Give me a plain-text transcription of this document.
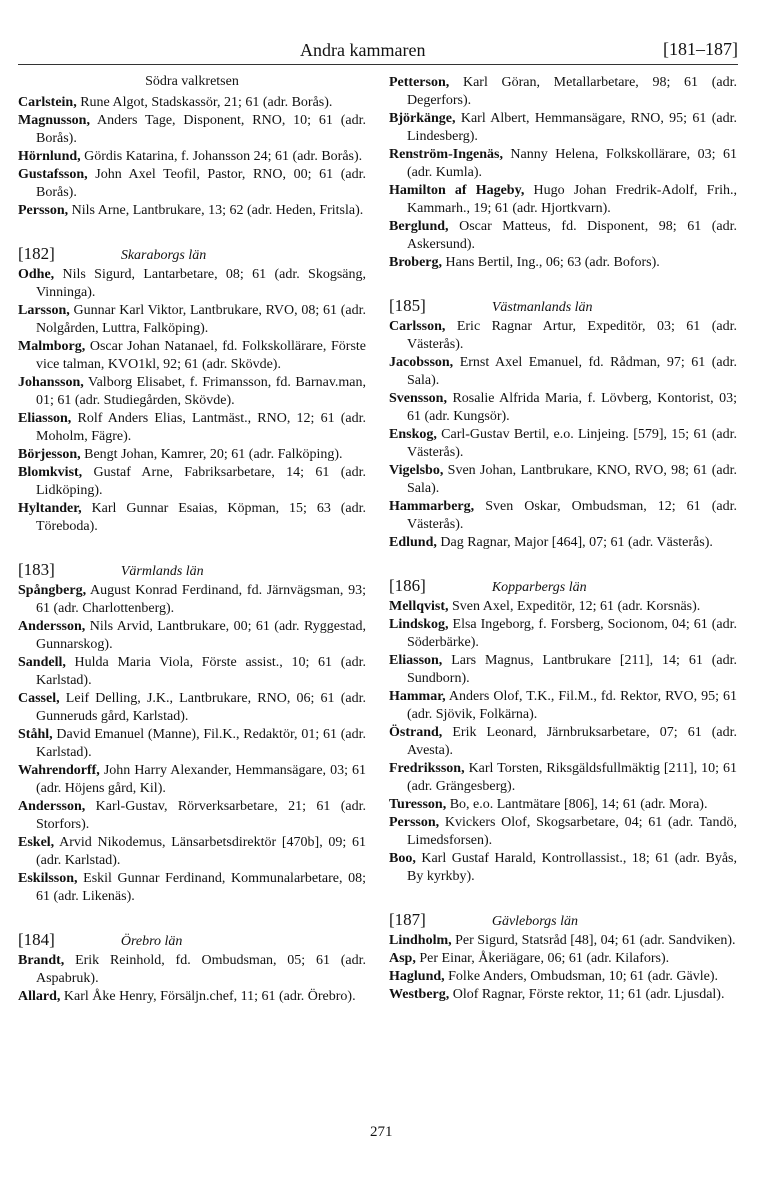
Andra kammaren	[181–187]
Södra valkretsen
Carlstein, Rune Algot, Stadskassör, 21; 61 (adr. Borås).
Magnusson, Anders Tage, Disponent, RNO, 10; 61 (adr. Borås).
Hörnlund, Gördis Katarina, f. Johansson 24; 61 (adr. Borås).
Gustafsson, John Axel Teofil, Pastor, RNO, 00; 61 (adr. Borås).
Persson, Nils Arne, Lantbrukare, 13; 62 (adr. Heden, Fritsla).
[182]	Skaraborgs län
Odhe, Nils Sigurd, Lantarbetare, 08; 61 (adr. Skogsäng, Vinninga).
Larsson, Gunnar Karl Viktor, Lantbrukare, RVO, 08; 61 (adr. Nolgården, Luttra, Falköping).
Malmborg, Oscar Johan Natanael, fd. Folkskollärare, Förste vice talman, KVO1kl, 92; 61 (adr. Skövde).
Johansson, Valborg Elisabet, f. Frimansson, fd. Barnav.man, 01; 61 (adr. Studiegården, Skövde).
Eliasson, Rolf Anders Elias, Lantmäst., RNO, 12; 61 (adr. Moholm, Fägre).
Börjesson, Bengt Johan, Kamrer, 20; 61 (adr. Falköping).
Blomkvist, Gustaf Arne, Fabriksarbetare, 14; 61 (adr. Lidköping).
Hyltander, Karl Gunnar Esaias, Köpman, 15; 63 (adr. Töreboda).
[183]	Värmlands län
Spångberg, August Konrad Ferdinand, fd. Järnvägsman, 93; 61 (adr. Charlottenberg).
Andersson, Nils Arvid, Lantbrukare, 00; 61 (adr. Ryggestad, Gunnarskog).
Sandell, Hulda Maria Viola, Förste assist., 10; 61 (adr. Karlstad).
Cassel, Leif Delling, J.K., Lantbrukare, RNO, 06; 61 (adr. Gunneruds gård, Karlstad).
Ståhl, David Emanuel (Manne), Fil.K., Redaktör, 01; 61 (adr. Karlstad).
Wahrendorff, John Harry Alexander, Hemmansägare, 03; 61 (adr. Höjens gård, Kil).
Andersson, Karl-Gustav, Rörverksarbetare, 21; 61 (adr. Storfors).
Eskel, Arvid Nikodemus, Länsarbetsdirektör [470b], 09; 61 (adr. Karlstad).
Eskilsson, Eskil Gunnar Ferdinand, Kommunalarbetare, 08; 61 (adr. Likenäs).
[184]	Örebro län
Brandt, Erik Reinhold, fd. Ombudsman, 05; 61 (adr. Aspabruk).
Allard, Karl Åke Henry, Försäljn.chef, 11; 61 (adr. Örebro).
Petterson, Karl Göran, Metallarbetare, 98; 61 (adr. Degerfors).
Björkänge, Karl Albert, Hemmansägare, RNO, 95; 61 (adr. Lindesberg).
Renström-Ingenäs, Nanny Helena, Folkskollärare, 03; 61 (adr. Kumla).
Hamilton af Hageby, Hugo Johan Fredrik-Adolf, Frih., Kammarh., 19; 61 (adr. Hjortkvarn).
Berglund, Oscar Matteus, fd. Disponent, 98; 61 (adr. Askersund).
Broberg, Hans Bertil, Ing., 06; 63 (adr. Bofors).
[185]	Västmanlands län
Carlsson, Eric Ragnar Artur, Expeditör, 03; 61 (adr. Västerås).
Jacobsson, Ernst Axel Emanuel, fd. Rådman, 97; 61 (adr. Sala).
Svensson, Rosalie Alfrida Maria, f. Lövberg, Kontorist, 03; 61 (adr. Kungsör).
Enskog, Carl-Gustav Bertil, e.o. Linjeing. [579], 15; 61 (adr. Västerås).
Vigelsbo, Sven Johan, Lantbrukare, KNO, RVO, 98; 61 (adr. Sala).
Hammarberg, Sven Oskar, Ombudsman, 12; 61 (adr. Västerås).
Edlund, Dag Ragnar, Major [464], 07; 61 (adr. Västerås).
[186]	Kopparbergs län
Mellqvist, Sven Axel, Expeditör, 12; 61 (adr. Korsnäs).
Lindskog, Elsa Ingeborg, f. Forsberg, Socionom, 04; 61 (adr. Söderbärke).
Eliasson, Lars Magnus, Lantbrukare [211], 14; 61 (adr. Sundborn).
Hammar, Anders Olof, T.K., Fil.M., fd. Rektor, RVO, 95; 61 (adr. Sjövik, Folkärna).
Östrand, Erik Leonard, Järnbruksarbetare, 07; 61 (adr. Avesta).
Fredriksson, Karl Torsten, Riksgäldsfullmäktig [211], 10; 61 (adr. Grängesberg).
Turesson, Bo, e.o. Lantmätare [806], 14; 61 (adr. Mora).
Persson, Kvickers Olof, Skogsarbetare, 04; 61 (adr. Tandö, Limedsforsen).
Boo, Karl Gustaf Harald, Kontrollassist., 18; 61 (adr. Byås, By kyrkby).
[187]	Gävleborgs län
Lindholm, Per Sigurd, Statsråd [48], 04; 61 (adr. Sandviken).
Asp, Per Einar, Åkeriägare, 06; 61 (adr. Kilafors).
Haglund, Folke Anders, Ombudsman, 10; 61 (adr. Gävle).
Westberg, Olof Ragnar, Förste rektor, 11; 61 (adr. Ljusdal).
271
